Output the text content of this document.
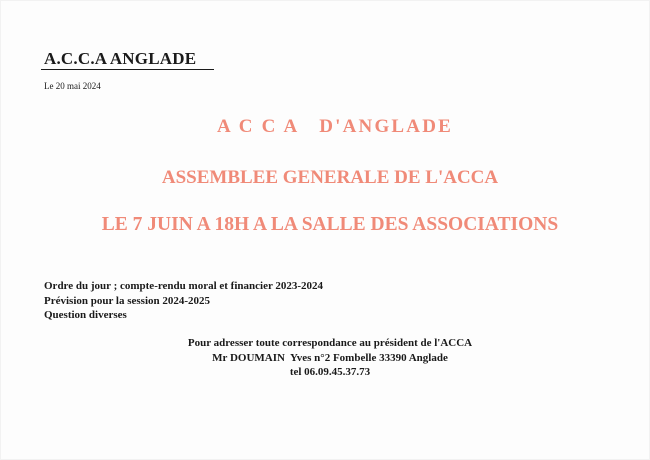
A.C.C.A ANGLADE
Le 20 mai 2024
A C C A   D'ANGLADE
ASSEMBLEE GENERALE DE L'ACCA
LE 7 JUIN A 18H A LA SALLE DES ASSOCIATIONS
Ordre du jour ; compte-rendu moral et financier 2023-2024
Prévision pour la session 2024-2025
Question diverses
Pour adresser toute correspondance au président de l'ACCA
Mr DOUMAIN  Yves n°2 Fombelle 33390 Anglade
tel 06.09.45.37.73
